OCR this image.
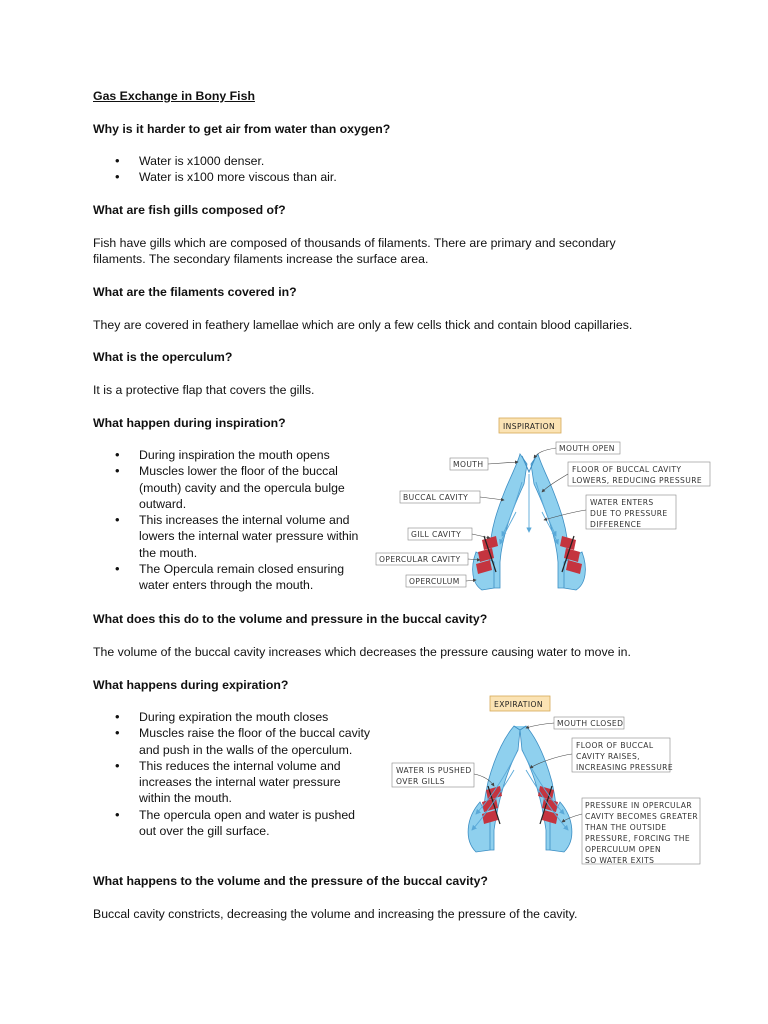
Gas Exchange in Bony Fish

Why is it harder to get air from water than oxygen?

• Water is x1000 denser.
• Water is x100 more viscous than air.

What are fish gills composed of?

Fish have gills which are composed of thousands of filaments. There are primary and secondary

filaments. The secondary filaments increase the surface area.

What are the filaments covered in?

They are covered in feathery lamellae which are only a few cells thick and contain blood capillaries.

What is the operculum?

It is a protective flap that covers the gills.

What happen during inspiration?

• During inspiration the mouth opens
• Muscles lower the floor of the buccal (mouth) cavity and the opercula bulge outward.
• This increases the internal volume and lowers the internal water pressure within the mouth.
• The Opercula remain closed ensuring water enters through the mouth.

What does this do to the volume and pressure in the buccal cavity?

The volume of the buccal cavity increases which decreases the pressure causing water to move in.

What happens during expiration?

• During expiration the mouth closes
• Muscles raise the floor of the buccal cavity and push in the walls of the operculum.
• This reduces the internal volume and increases the internal water pressure within the mouth.
• The opercula open and water is pushed out over the gill surface.

What happens to the volume and the pressure of the buccal cavity?

Buccal cavity constricts, decreasing the volume and increasing the pressure of the cavity.

INSPIRATION
MOUTH OPEN
MOUTH
FLOOR OF BUCCAL CAVITY
LOWERS, REDUCING PRESSURE
BUCCAL CAVITY
WATER ENTERS
DUE TO PRESSURE
DIFFERENCE
GILL CAVITY
OPERCULAR CAVITY
OPERCULUM
EXPIRATION
MOUTH CLOSED
FLOOR OF BUCCAL
CAVITY RAISES,
INCREASING PRESSURE
WATER IS PUSHED
OVER GILLS
PRESSURE IN OPERCULAR
CAVITY BECOMES GREATER
THAN THE OUTSIDE
PRESSURE, FORCING THE
OPERCULUM OPEN
SO WATER EXITS
